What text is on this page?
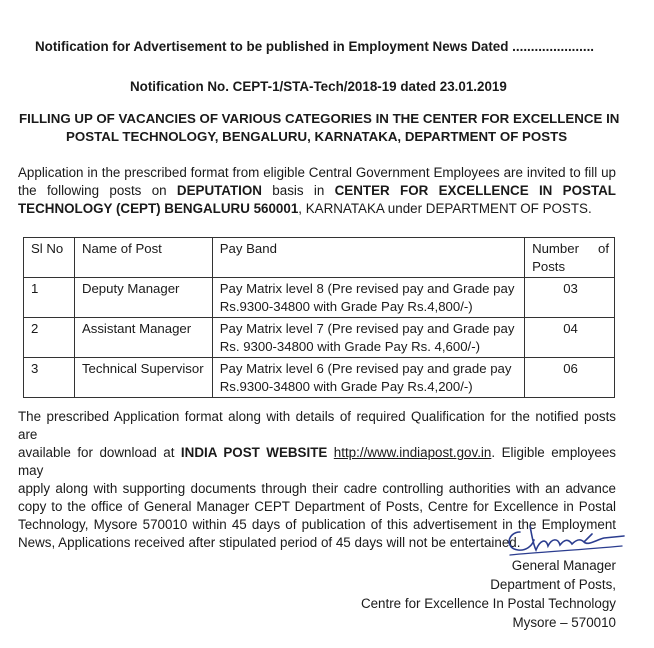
Notification for Advertisement to be published in Employment News Dated ......................
Notification No. CEPT-1/STA-Tech/2018-19 dated 23.01.2019
FILLING UP OF VACANCIES OF VARIOUS CATEGORIES IN THE CENTER FOR EXCELLENCE IN
POSTAL TECHNOLOGY, BENGALURU, KARNATAKA, DEPARTMENT OF POSTS
Application in the prescribed format from eligible Central Government Employees are invited to fill up
the following posts on DEPUTATION basis in CENTER FOR EXCELLENCE IN POSTAL
TECHNOLOGY (CEPT) BENGALURU 560001, KARNATAKA under DEPARTMENT OF POSTS.
Sl No	Name of Post	Pay Band	Number of
Posts
1	Deputy Manager	Pay Matrix level 8 (Pre revised pay and Grade pay
Rs.9300-34800 with Grade Pay Rs.4,800/-)	03
2	Assistant Manager	Pay Matrix level 7 (Pre revised pay and Grade pay
Rs. 9300-34800 with Grade Pay Rs. 4,600/-)	04
3	Technical Supervisor	Pay Matrix level 6 (Pre revised pay and grade pay
Rs.9300-34800 with Grade Pay Rs.4,200/-)	06
The prescribed Application format along with details of required Qualification for the notified posts are
available for download at INDIA POST WEBSITE http://www.indiapost.gov.in. Eligible employees may
apply along with supporting documents through their cadre controlling authorities with an advance
copy to the office of General Manager CEPT Department of Posts, Centre for Excellence in Postal
Technology, Mysore 570010 within 45 days of publication of this advertisement in the Employment
News, Applications received after stipulated period of 45 days will not be entertained.
General Manager
Department of Posts,
Centre for Excellence In Postal Technology
Mysore – 570010
